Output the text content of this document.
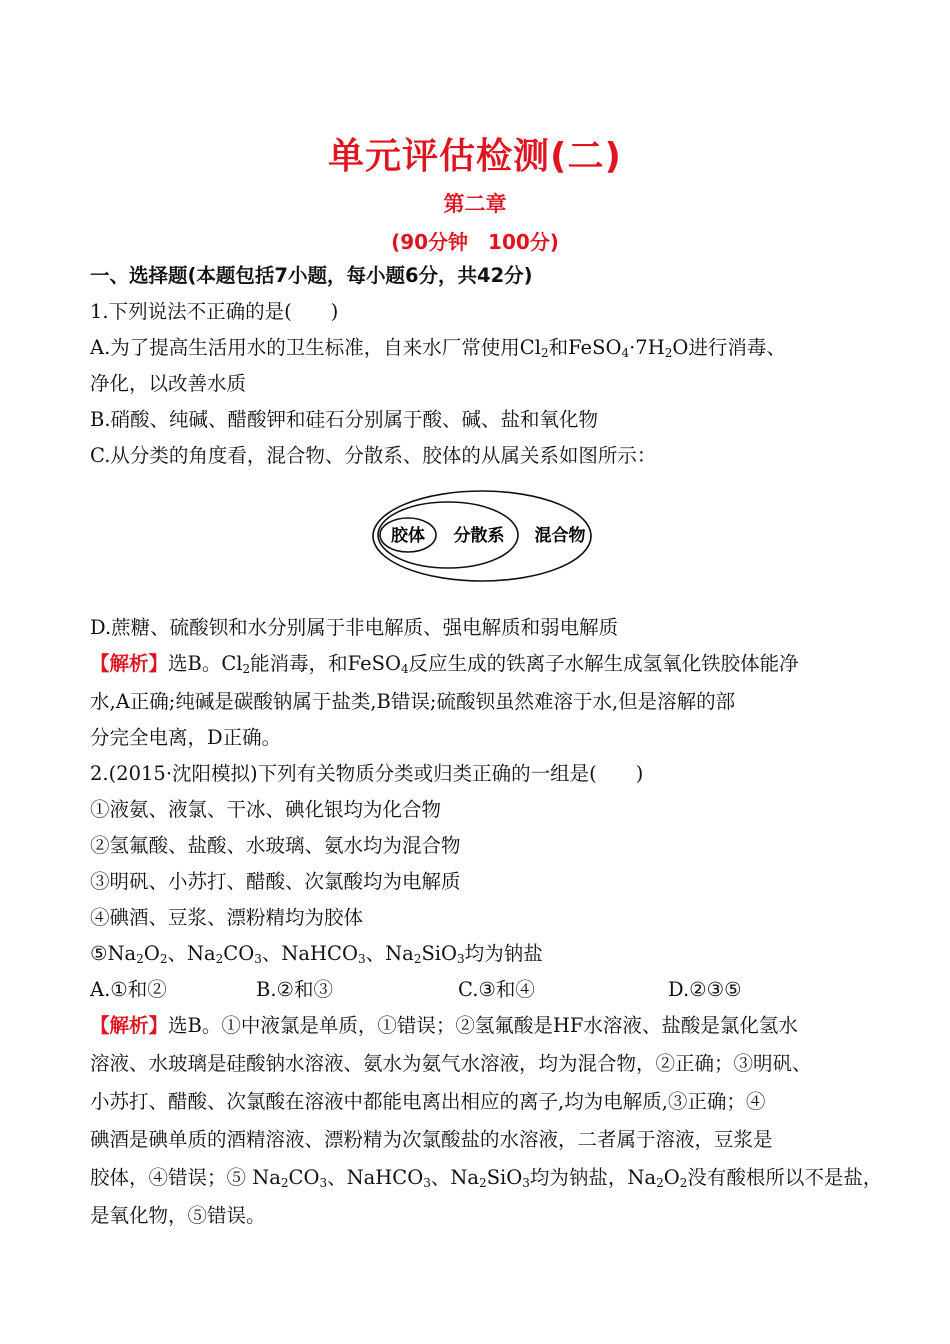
单元评估检测(二)
第二章
(90分钟　100分)
一、选择题(本题包括7小题，每小题6分，共42分)
1.下列说法不正确的是(　　)
A.为了提高生活用水的卫生标准，自来水厂常使用$Cl_2$和$FeSO_4\cdot 7H_2O$进行消毒、
净化，以改善水质
B.硝酸、纯碱、醋酸钾和硅石分别属于酸、碱、盐和氧化物
C.从分类的角度看，混合物、分散系、胶体的从属关系如图所示：
胶体 分散系 混合物
D.蔗糖、硫酸钡和水分别属于非电解质、强电解质和弱电解质
【解析】选B。$Cl_2$能消毒，和FeSO$_4$反应生成的铁离子水解生成氢氧化铁胶体能净
水,A正确;纯碱是碳酸钠属于盐类,B错误;硫酸钡虽然难溶于水,但是溶解的部
分完全电离，D正确。
2.(2015·沈阳模拟)下列有关物质分类或归类正确的一组是(　　)
①液氨、液氯、干冰、碘化银均为化合物
②氢氟酸、盐酸、水玻璃、氨水均为混合物
③明矾、小苏打、醋酸、次氯酸均为电解质
④碘酒、豆浆、漂粉精均为胶体
$⑤Na_2O_2$、$Na_2CO_3$、NaHCO$_3$、$Na_2SiO_3$均为钠盐
A.①和②	B.②和③	C.③和④	D.②③⑤
【解析】选B。①中液氯是单质，①错误；②氢氟酸是HF水溶液、盐酸是氯化氢水
溶液、水玻璃是硅酸钠水溶液、氨水为氨气水溶液，均为混合物，②正确；③明矾、
小苏打、醋酸、次氯酸在溶液中都能电离出相应的离子,均为电解质,③正确；④
碘酒是碘单质的酒精溶液、漂粉精为次氯酸盐的水溶液，二者属于溶液，豆浆是
胶体，④错误；⑤ $Na_2CO_3$、NaHCO$_3$、$Na_2SiO_3$均为钠盐，$Na_2O_2$没有酸根所以不是盐，
是氧化物，⑤错误。
